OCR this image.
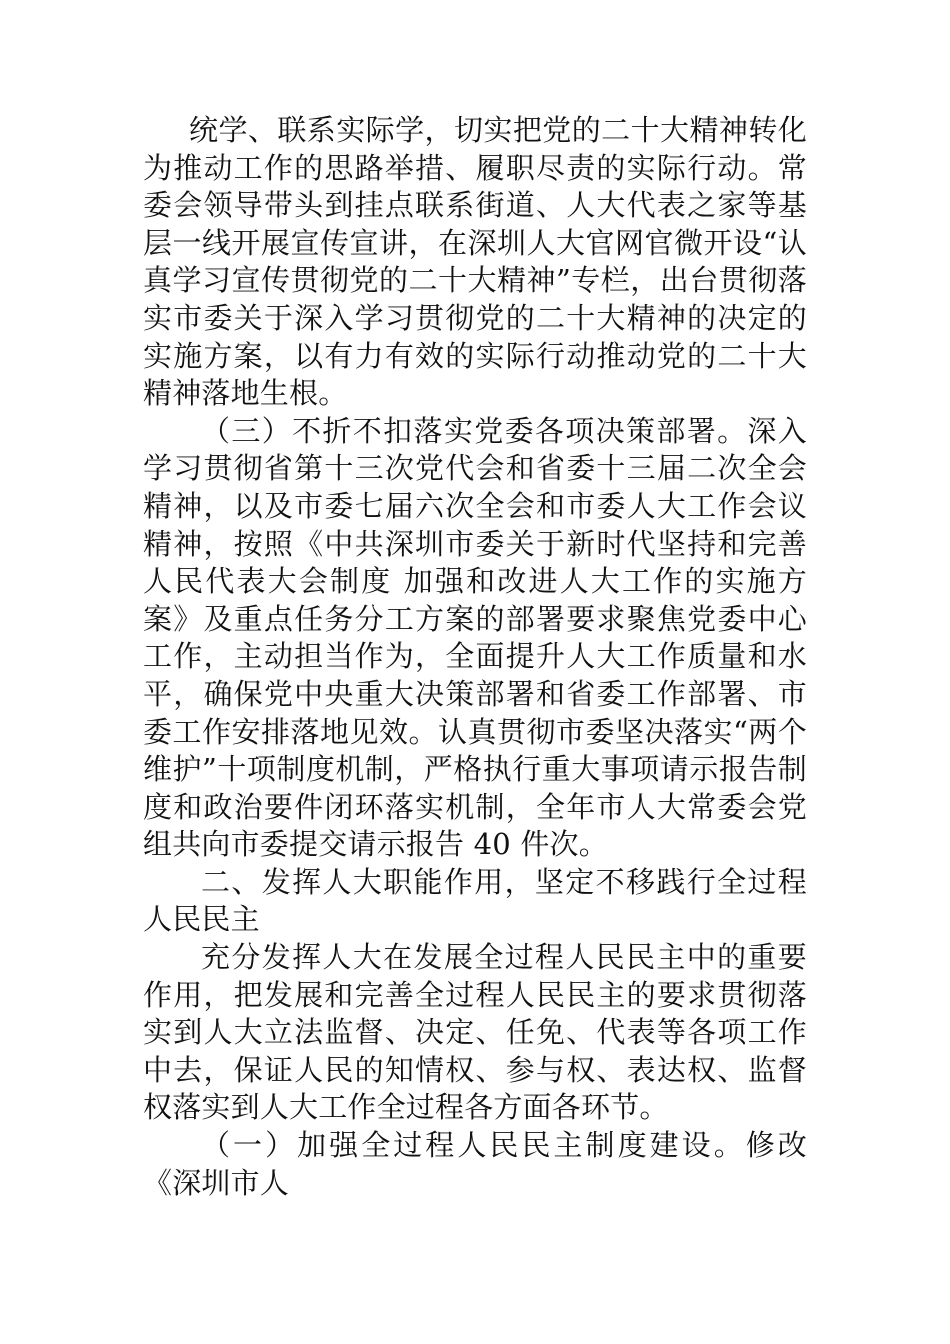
统学、联系实际学，切实把党的二十大精神转化为推动工作的思路举措、履职尽责的实际行动。常委会领导带头到挂点联系街道、人大代表之家等基层一线开展宣传宣讲，在深圳人大官网官微开设“认真学习宣传贯彻党的二十大精神”专栏，出台贯彻落实市委关于深入学习贯彻党的二十大精神的决定的实施方案，以有力有效的实际行动推动党的二十大精神落地生根。

（三）不折不扣落实党委各项决策部署。深入学习贯彻省第十三次党代会和省委十三届二次全会精神，以及市委七届六次全会和市委人大工作会议精神，按照《中共深圳市委关于新时代坚持和完善人民代表大会制度 加强和改进人大工作的实施方案》及重点任务分工方案的部署要求聚焦党委中心工作，主动担当作为，全面提升人大工作质量和水平，确保党中央重大决策部署和省委工作部署、市委工作安排落地见效。认真贯彻市委坚决落实“两个维护”十项制度机制，严格执行重大事项请示报告制度和政治要件闭环落实机制，全年市人大常委会党组共向市委提交请示报告 40 件次。

二、发挥人大职能作用，坚定不移践行全过程人民民主

充分发挥人大在发展全过程人民民主中的重要作用，把发展和完善全过程人民民主的要求贯彻落实到人大立法监督、决定、任免、代表等各项工作中去，保证人民的知情权、参与权、表达权、监督权落实到人大工作全过程各方面各环节。

（一）加强全过程人民民主制度建设。修改《深圳市人
